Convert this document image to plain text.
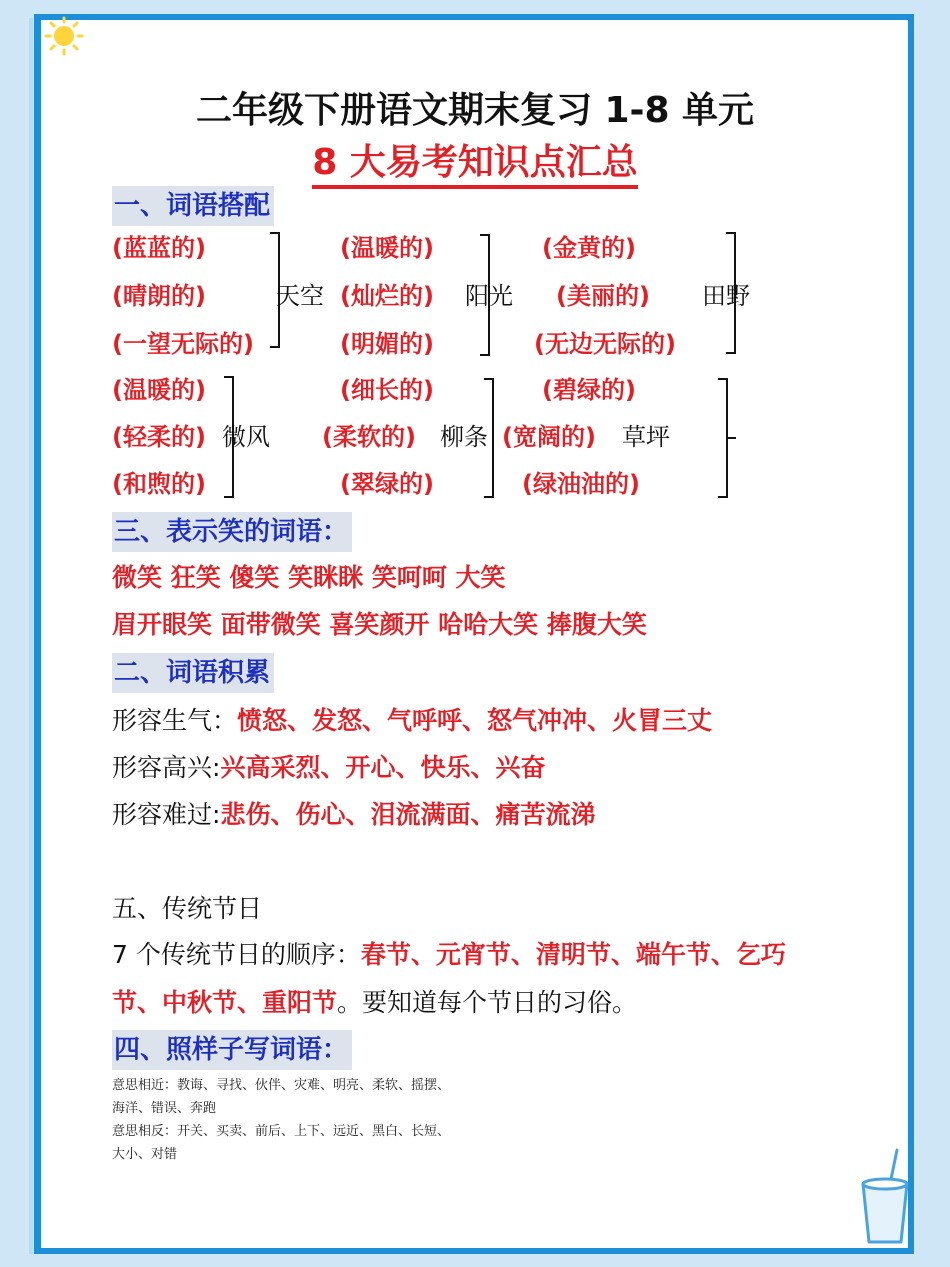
二年级下册语文期末复习 1-8 单元
8 大易考知识点汇总
一、词语搭配
(蓝蓝的)
(晴朗的)
(一望无际的)
天空
(温暖的)
(灿烂的)
(明媚的)
阳光
(金黄的)
(美丽的)
(无边无际的)
田野
(温暖的)
(轻柔的)
(和煦的)
微风
(细长的)
(柔软的)
(翠绿的)
柳条
(碧绿的)
(宽阔的)
(绿油油的)
草坪
三、表示笑的词语：
微笑 狂笑 傻笑 笑眯眯 笑呵呵 大笑
眉开眼笑 面带微笑 喜笑颜开 哈哈大笑 捧腹大笑
二、词语积累
形容生气：愤怒、发怒、气呼呼、怒气冲冲、火冒三丈
形容高兴:兴高采烈、开心、快乐、兴奋
形容难过:悲伤、伤心、泪流满面、痛苦流涕
五、传统节日
7 个传统节日的顺序：春节、元宵节、清明节、端午节、乞巧
节、中秋节、重阳节。要知道每个节日的习俗。
四、照样子写词语：
意思相近：教诲、寻找、伙伴、灾难、明亮、柔软、摇摆、
海洋、错误、奔跑
意思相反：开关、买卖、前后、上下、远近、黑白、长短、
大小、对错
